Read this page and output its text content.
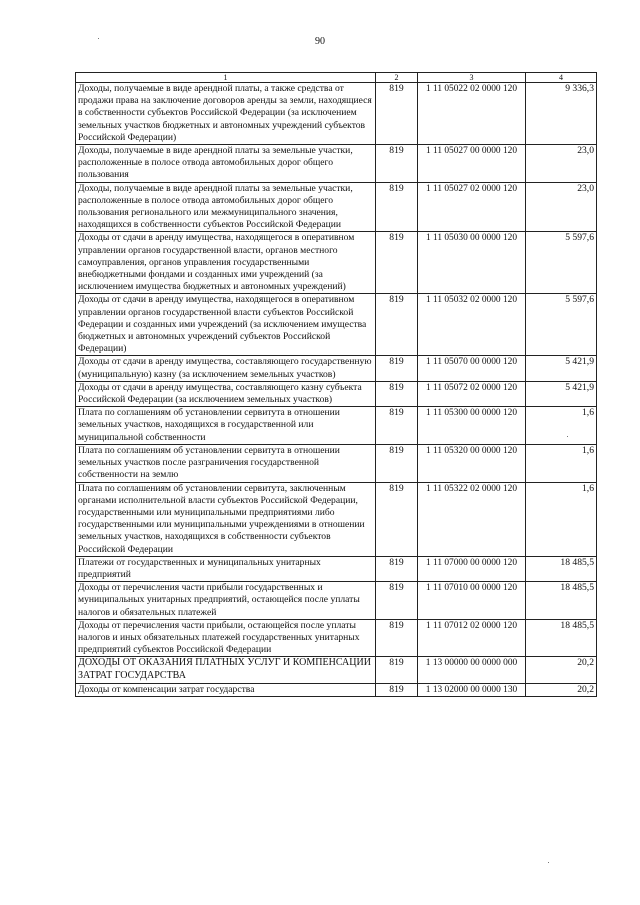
90
1	2	3	4
Доходы, получаемые в виде арендной платы, а также средства от продажи права на заключение договоров аренды за земли, находящиеся в собственности субъектов Российской Федерации (за исключением земельных участков бюджетных и автономных учреждений субъектов Российской Федерации)	819	1 11 05022 02 0000 120	9 336,3
Доходы, получаемые в виде арендной платы за земельные участки, расположенные в полосе отвода автомобильных дорог общего пользования	819	1 11 05027 00 0000 120	23,0
Доходы, получаемые в виде арендной платы за земельные участки, расположенные в полосе отвода автомобильных дорог общего пользования регионального или межмуниципального значения, находящихся в собственности субъектов Российской Федерации	819	1 11 05027 02 0000 120	23,0
Доходы от сдачи в аренду имущества, находящегося в оперативном управлении органов государственной власти, органов местного самоуправления, органов управления государственными внебюджетными фондами и созданных ими учреждений (за исключением имущества бюджетных и автономных учреждений)	819	1 11 05030 00 0000 120	5 597,6
Доходы от сдачи в аренду имущества, находящегося в оперативном управлении органов государственной власти субъектов Российской Федерации и созданных ими учреждений (за исключением имущества бюджетных и автономных учреждений субъектов Российской Федерации)	819	1 11 05032 02 0000 120	5 597,6
Доходы от сдачи в аренду имущества, составляющего государственную (муниципальную) казну (за исключением земельных участков)	819	1 11 05070 00 0000 120	5 421,9
Доходы от сдачи в аренду имущества, составляющего казну субъекта Российской Федерации (за исключением земельных участков)	819	1 11 05072 02 0000 120	5 421,9
Плата по соглашениям об установлении сервитута в отношении земельных участков, находящихся в государственной или муниципальной собственности	819	1 11 05300 00 0000 120	1,6
Плата по соглашениям об установлении сервитута в отношении земельных участков после разграничения государственной собственности на землю	819	1 11 05320 00 0000 120	1,6
Плата по соглашениям об установлении сервитута, заключенным органами исполнительной власти субъектов Российской Федерации, государственными или муниципальными предприятиями либо государственными или муниципальными учреждениями в отношении земельных участков, находящихся в собственности субъектов Российской Федерации	819	1 11 05322 02 0000 120	1,6
Платежи от государственных и муниципальных унитарных предприятий	819	1 11 07000 00 0000 120	18 485,5
Доходы от перечисления части прибыли государственных и муниципальных унитарных предприятий, остающейся после уплаты налогов и обязательных платежей	819	1 11 07010 00 0000 120	18 485,5
Доходы от перечисления части прибыли, остающейся после уплаты налогов и иных обязательных платежей государственных унитарных предприятий субъектов Российской Федерации	819	1 11 07012 02 0000 120	18 485,5
ДОХОДЫ ОТ ОКАЗАНИЯ ПЛАТНЫХ УСЛУГ И КОМПЕНСАЦИИ ЗАТРАТ ГОСУДАРСТВА	819	1 13 00000 00 0000 000	20,2
Доходы от компенсации затрат государства	819	1 13 02000 00 0000 130	20,2
